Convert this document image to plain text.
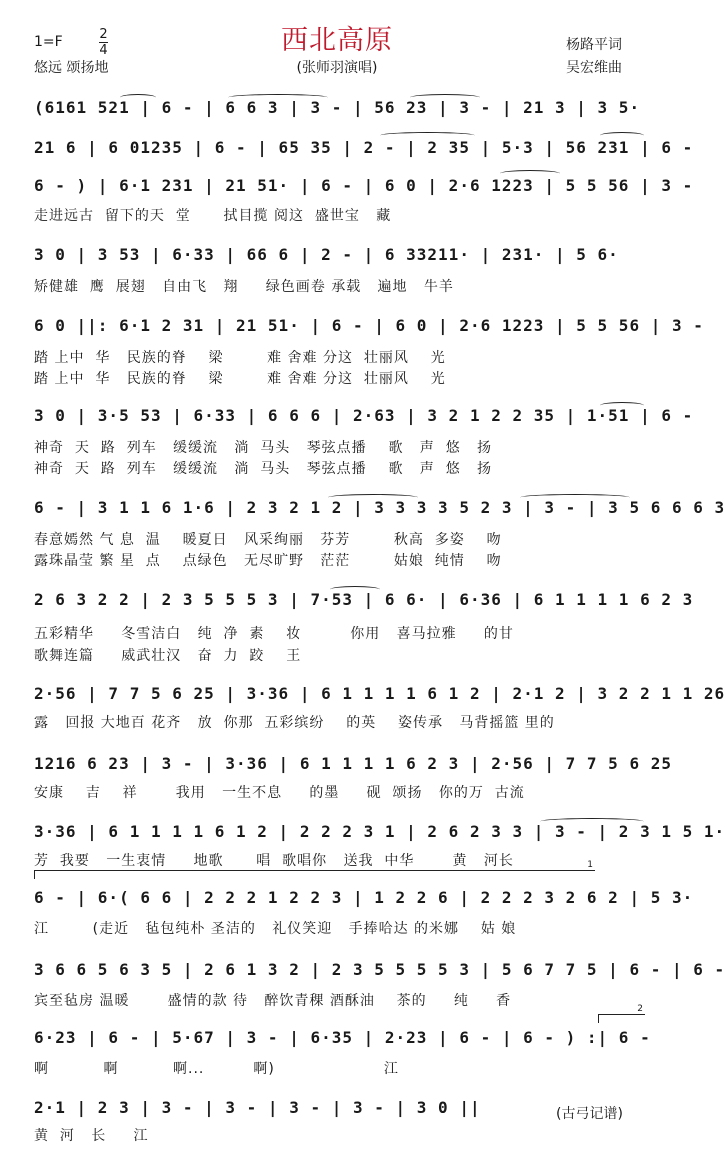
1=F	2
4
悠远 颂扬地
西北高原
(张师羽演唱)
杨路平词
吴宏维曲
(6161 521 | 6 - | 6 6 3 | 3 - | 56 23 | 3 - | 21 3 | 3 5·
21 6 | 6 01235 | 6 - | 65 35 | 2 - | 2 35 | 5·3 | 56 231 | 6 -
6 - ) | 6·1 231 | 21 51· | 6 - | 6 0 | 2·6 1223 | 5 5 56 | 3 -
3 0 | 3 53 | 6·33 | 66 6 | 2 - | 6 33211· | 231· | 5 6·
6 0 ||: 6·1 2 31 | 21 51· | 6 - | 6 0 | 2·6 1223 | 5 5 56 | 3 -
3 0 | 3·5 53 | 6·33 | 6 6 6 | 2·63 | 3 2 1 2 2 35 | 1·51 | 6 -
6 - | 3 1 1 6 1·6 | 2 3 2 1 2 | 3 3 3 3 5 2 3 | 3 - | 3 5 6 6 6 3
2 6 3 2 2 | 2 3 5 5 5 3 | 7·53 | 6 6· | 6·36 | 6 1 1 1 1 6 2 3
2·56 | 7 7 5 6 25 | 3·36 | 6 1 1 1 1 6 1 2 | 2·1 2 | 3 2 2 1 1 26
1216 6 23 | 3 - | 3·36 | 6 1 1 1 1 6 2 3 | 2·56 | 7 7 5 6 25
3·36 | 6 1 1 1 1 6 1 2 | 2 2 2 3 1 | 2 6 2 3 3 | 3 - | 2 3 1 5 1·
6 - | 6·( 6 6 | 2 2 2 1 2 2 3 | 1 2 2 6 | 2 2 2 3 2 6 2 | 5 3·
3 6 6 5 6 3 5 | 2 6 1 3 2 | 2 3 5 5 5 5 3 | 5 6 7 7 5 | 6 - | 6 -
6·23 | 6 - | 5·67 | 3 - | 6·35 | 2·23 | 6 - | 6 - ) :| 6 -
2·1 | 2 3 | 3 - | 3 - | 3 - | 3 - | 3 0 ||
走进远古  留下的天  堂      拭目揽 阅这  盛世宝   藏
矫健雄  鹰  展翅   自由飞   翔     绿色画卷 承载   遍地   牛羊
踏 上中  华   民族的脊    梁        难 舍难 分这  壮丽风    光
踏 上中  华   民族的脊    梁        难 舍难 分这  壮丽风    光
神奇  天  路  列车   缓缓流   淌  马头   琴弦点播    歌   声  悠   扬
神奇  天  路  列车   缓缓流   淌  马头   琴弦点播    歌   声  悠   扬
春意嫣然 气 息  温    暖夏日   风采绚丽   芬芳        秋高  多姿    吻
露珠晶莹 繁 星  点    点绿色   无尽旷野   茫茫        姑娘  纯情    吻
五彩精华     冬雪洁白   纯  净  素    妆         你用   喜马拉雅     的甘
歌舞连篇     威武壮汉   奋  力  跤    王
露   回报 大地百 花齐   放  你那  五彩缤纷    的英    姿传承   马背摇篮 里的
安康    吉    祥       我用   一生不息     的墨     砚  颂扬   你的万  古流
芳  我要   一生衷情     地歌      唱  歌唱你   送我  中华       黄   河长
江        (走近   毡包纯朴 圣洁的   礼仪笑迎   手捧哈达 的米娜    姑 娘
宾至毡房 温暖       盛情的款 待   醉饮青稞 酒酥油    茶的     纯     香
啊          啊          啊...         啊)                    江
黄  河   长     江
1
2
(古弓记谱)
